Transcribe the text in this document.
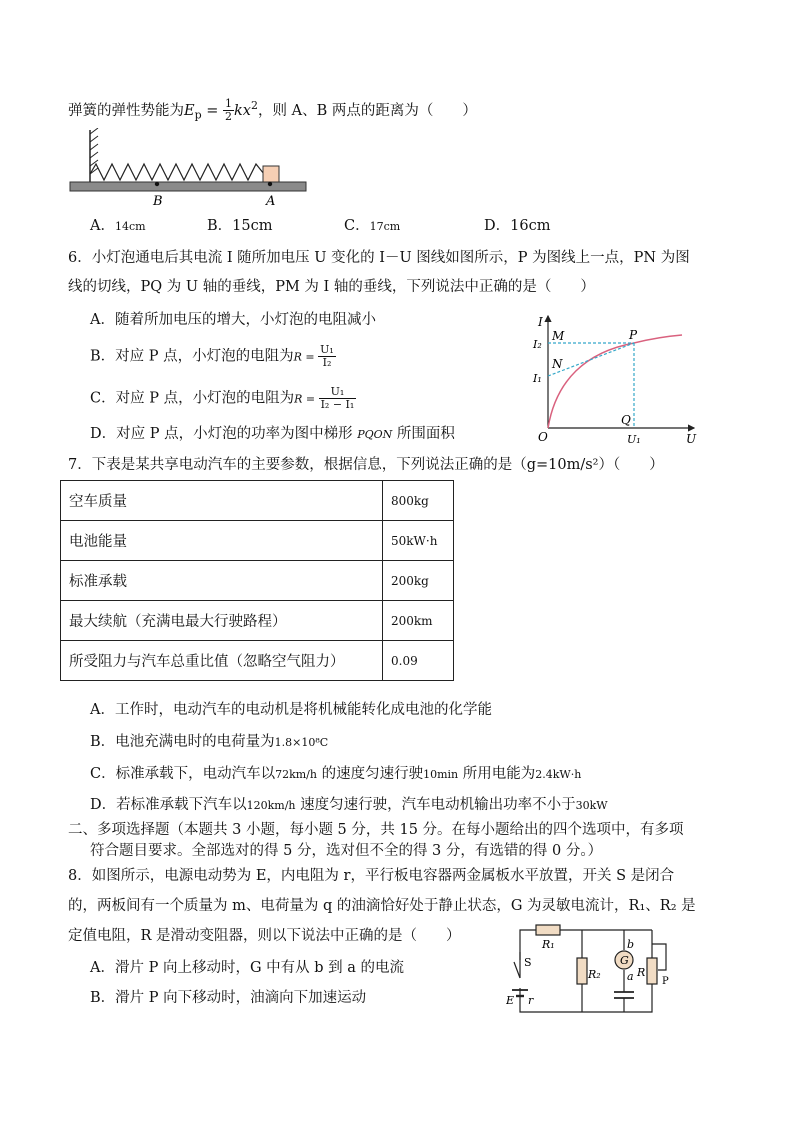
弹簧的弹性势能为$E_p = \frac{1}{2} kx^2$，则 A、B 两点的距离为（　　）
B	A
A．14cm	B．15cm	C．17cm	D．16cm
6．小灯泡通电后其电流 I 随所加电压 U 变化的 I－U 图线如图所示，P 为图线上一点，PN 为图
线的切线，PQ 为 U 轴的垂线，PM 为 I 轴的垂线，下列说法中正确的是（　　）
A．随着所加电压的增大，小灯泡的电阻减小
B．对应 P 点，小灯泡的电阻为$R = \frac{\text{U₁}}{\text{I₂}}$
C．对应 P 点，小灯泡的电阻为$R = \frac{\text{U₁}}{\text{I₂ − I₁}}$
D．对应 P 点，小灯泡的功率为图中梯形 PQON 所围面积
I
U
O
I₂
I₁
U₁
M
N
P
Q
7．下表是某共享电动汽车的主要参数，根据信息，下列说法正确的是（g=10m/s²）（　　）
空车质量	800kg
电池能量	50kW·h
标准承载	200kg
最大续航（充满电最大行驶路程）	200km
所受阻力与汽车总重比值（忽略空气阻力）	0.09
A．工作时，电动汽车的电动机是将机械能转化成电池的化学能
B．电池充满电时的电荷量为1.8×10⁸C
C．标准承载下，电动汽车以72km/h 的速度匀速行驶10min 所用电能为2.4kW·h
D．若标准承载下汽车以120km/h 速度匀速行驶，汽车电动机输出功率不小于30kW
二、多项选择题（本题共 3 小题，每小题 5 分，共 15 分。在每小题给出的四个选项中，有多项
符合题目要求。全部选对的得 5 分，选对但不全的得 3 分，有选错的得 0 分。）
8．如图所示，电源电动势为 E，内电阻为 r，平行板电容器两金属板水平放置，开关 S 是闭合
的，两板间有一个质量为 m、电荷量为 q 的油滴恰好处于静止状态，G 为灵敏电流计，R₁、R₂ 是
定值电阻，R 是滑动变阻器，则以下说法中正确的是（　　）
A．滑片 P 向上移动时，G 中有从 b 到 a 的电流
B．滑片 P 向下移动时，油滴向下加速运动
G
R₁
R₂	R
P
S
b
a
E r
